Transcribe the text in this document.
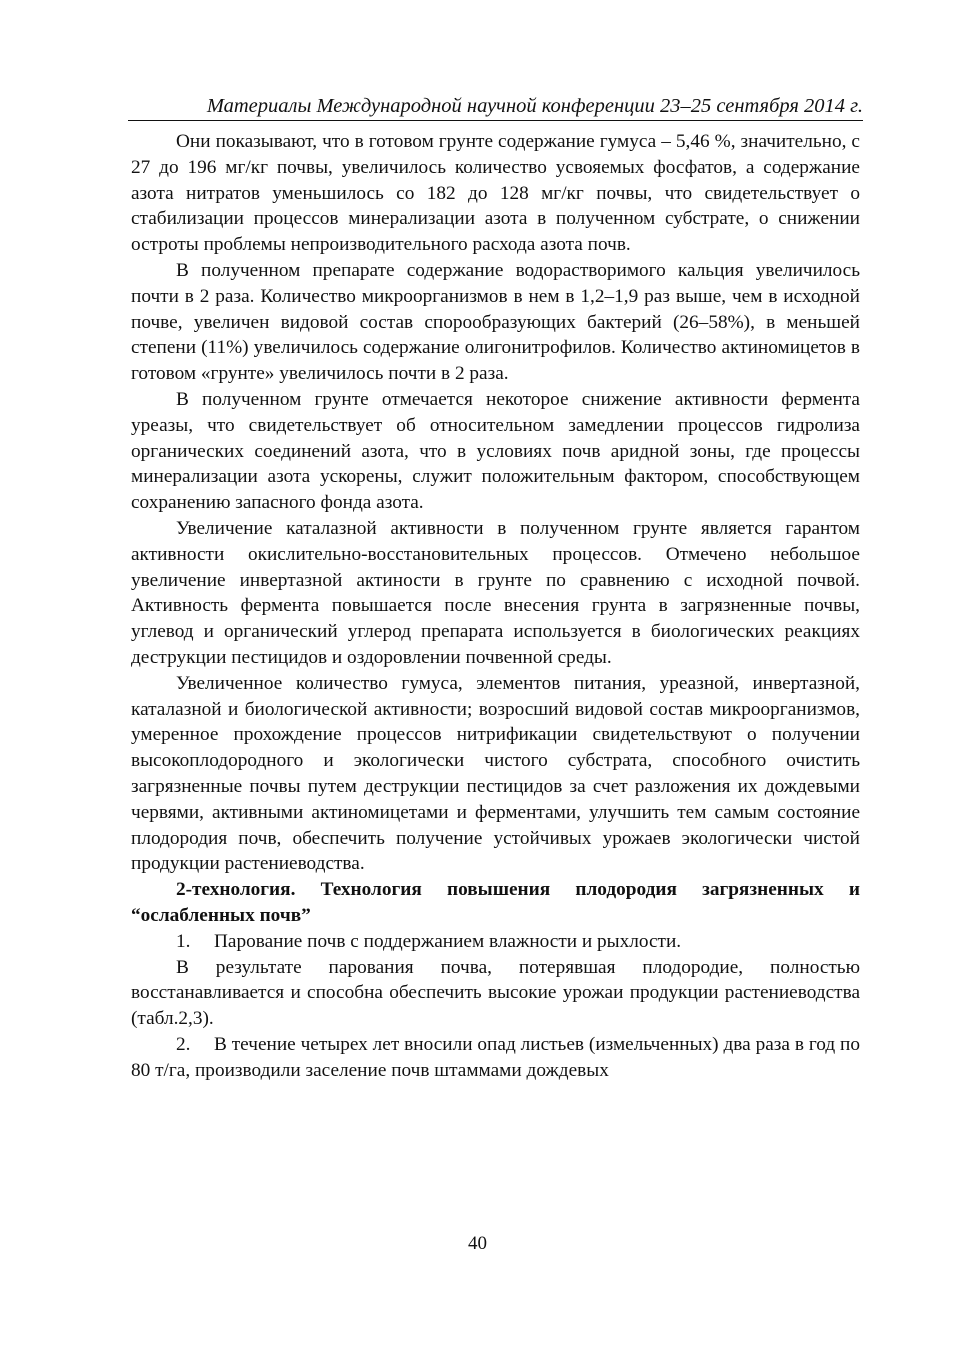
Материалы Международной научной конференции 23–25 сентября 2014 г.

Они показывают, что в готовом грунте содержание гумуса – 5,46 %, значительно, с 27 до 196 мг/кг почвы, увеличилось количество усвояемых фосфатов, а содержание азота нитратов уменьшилось со 182 до 128 мг/кг почвы, что свидетельствует о стабилизации процессов минерализации азота в полученном субстрате, о снижении остроты проблемы непроизводительного расхода азота почв.

В полученном препарате содержание водорастворимого кальция увеличилось почти в 2 раза. Количество микроорганизмов в нем в 1,2–1,9 раз выше, чем в исходной почве, увеличен видовой состав спорообразующих бактерий (26–58%), в меньшей степени (11%) увеличилось содержание олигонитрофилов. Количество актиномицетов в готовом «грунте» увеличилось почти в 2 раза.

В полученном грунте отмечается некоторое снижение активности фермента уреазы, что свидетельствует об относительном замедлении процессов гидролиза органических соединений азота, что в условиях почв аридной зоны, где процессы минерализации азота ускорены, служит положительным фактором, способствующем сохранению запасного фонда азота.

Увеличение каталазной активности в полученном грунте является гарантом активности окислительно-восстановительных процессов. Отмечено небольшое увеличение инвертазной актиности в грунте по сравнению с исходной почвой. Активность фермента повышается после внесения грунта в загрязненные почвы, углевод и органический углерод препарата используется в биологических реакциях деструкции пестицидов и оздоровлении почвенной среды.

Увеличенное количество гумуса, элементов питания, уреазной, инвертазной, каталазной и биологической активности; возросший видовой состав микроорганизмов, умеренное прохождение процессов нитрификации свидетельствуют о получении высокоплодородного и экологически чистого субстрата, способного очистить загрязненные почвы путем деструкции пестицидов за счет разложения их дождевыми червями, активными актиномицетами и ферментами, улучшить тем самым состояние плодородия почв, обеспечить получение устойчивых урожаев экологически чистой продукции растениеводства.

2-технология. Технология повышения плодородия загрязненных и “ослабленных почв”

1. Парование почв с поддержанием влажности и рыхлости.

В результате парования почва, потерявшая плодородие, полностью восстанавливается и способна обеспечить высокие урожаи продукции растениеводства (табл.2,3).

2. В течение четырех лет вносили опад листьев (измельченных) два раза в год по 80 т/га, производили заселение почв штаммами дождевых

40
